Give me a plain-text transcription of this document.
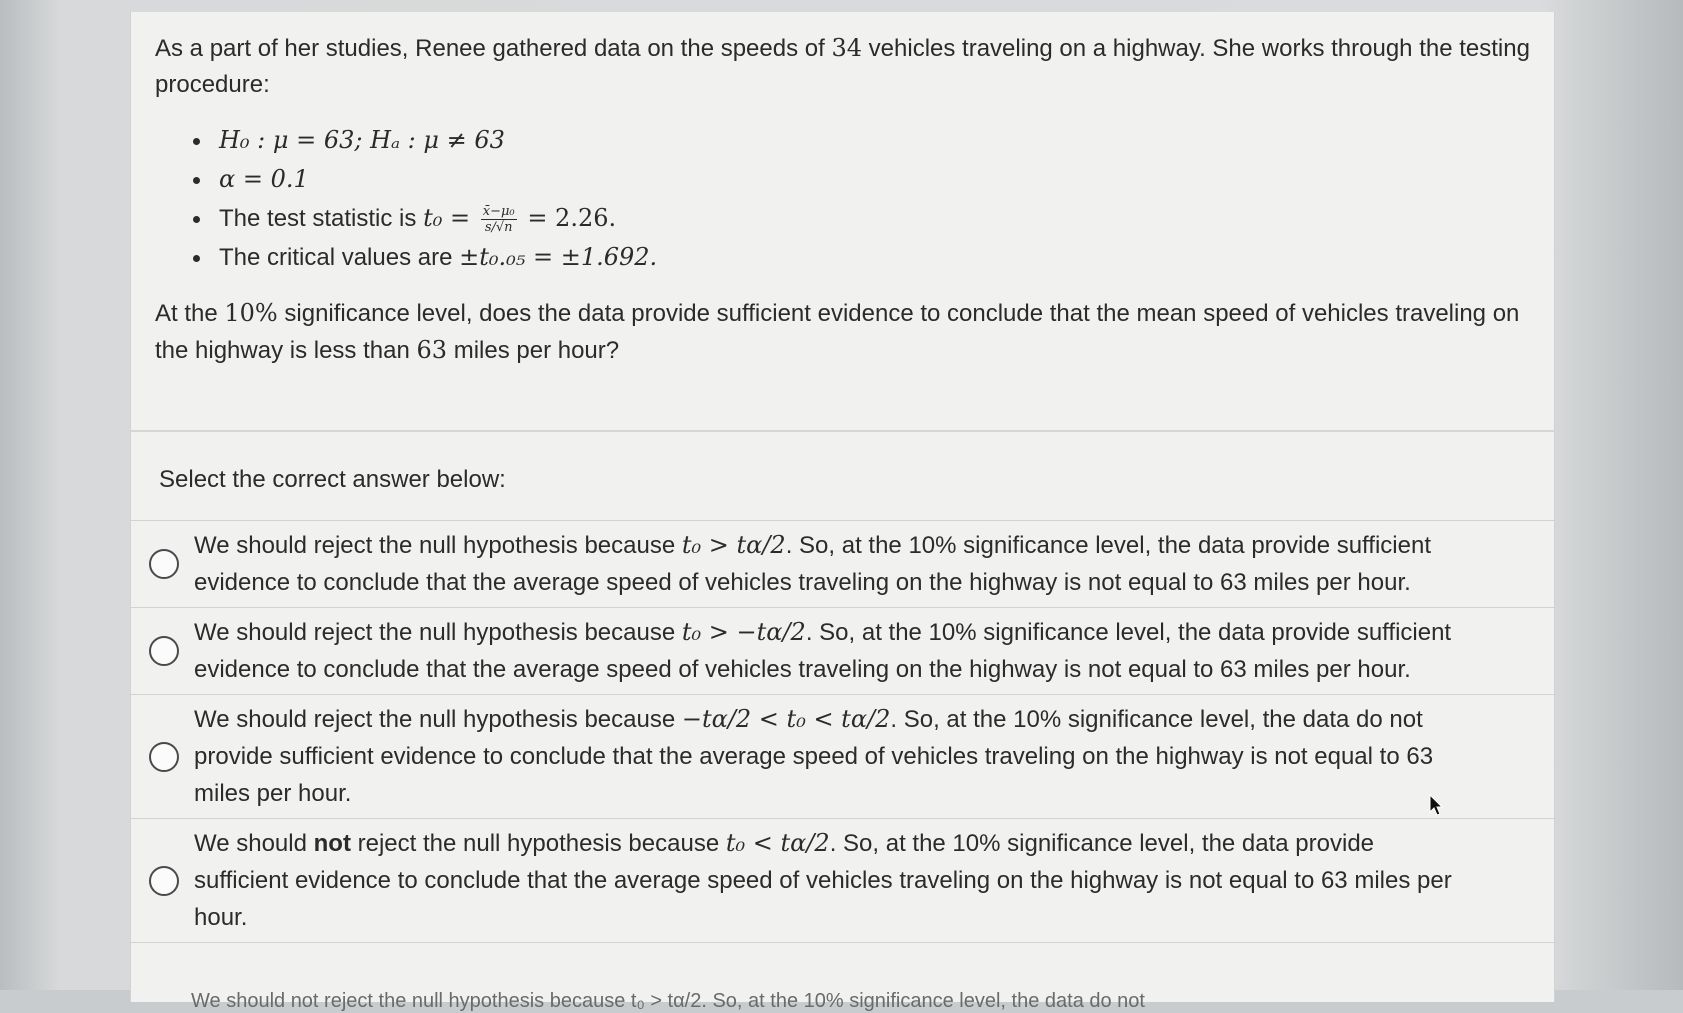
As a part of her studies, Renee gathered data on the speeds of 34 vehicles traveling on a highway. She works through the testing procedure:

H₀ : μ = 63; Hₐ : μ ≠ 63
α = 0.1
The test statistic is $t_0 = \frac{\text{x̄−μ₀}}{s/√n} = 2.26$.
The critical values are ±t₀.₀₅ = ±1.692.

At the 10% significance level, does the data provide sufficient evidence to conclude that the mean speed of vehicles traveling on the highway is less than 63 miles per hour?

Select the correct answer below:
We should reject the null hypothesis because t₀ > tα/2. So, at the 10% significance level, the data provide sufficient evidence to conclude that the average speed of vehicles traveling on the highway is not equal to 63 miles per hour.
We should reject the null hypothesis because t₀ > −tα/2. So, at the 10% significance level, the data provide sufficient evidence to conclude that the average speed of vehicles traveling on the highway is not equal to 63 miles per hour.
We should reject the null hypothesis because −tα/2 < t₀ < tα/2. So, at the 10% significance level, the data do not provide sufficient evidence to conclude that the average speed of vehicles traveling on the highway is not equal to 63 miles per hour.
We should not reject the null hypothesis because t₀ < tα/2. So, at the 10% significance level, the data provide sufficient evidence to conclude that the average speed of vehicles traveling on the highway is not equal to 63 miles per hour.
We should not reject the null hypothesis because t₀ > tα/2. So, at the 10% significance level, the data do not
